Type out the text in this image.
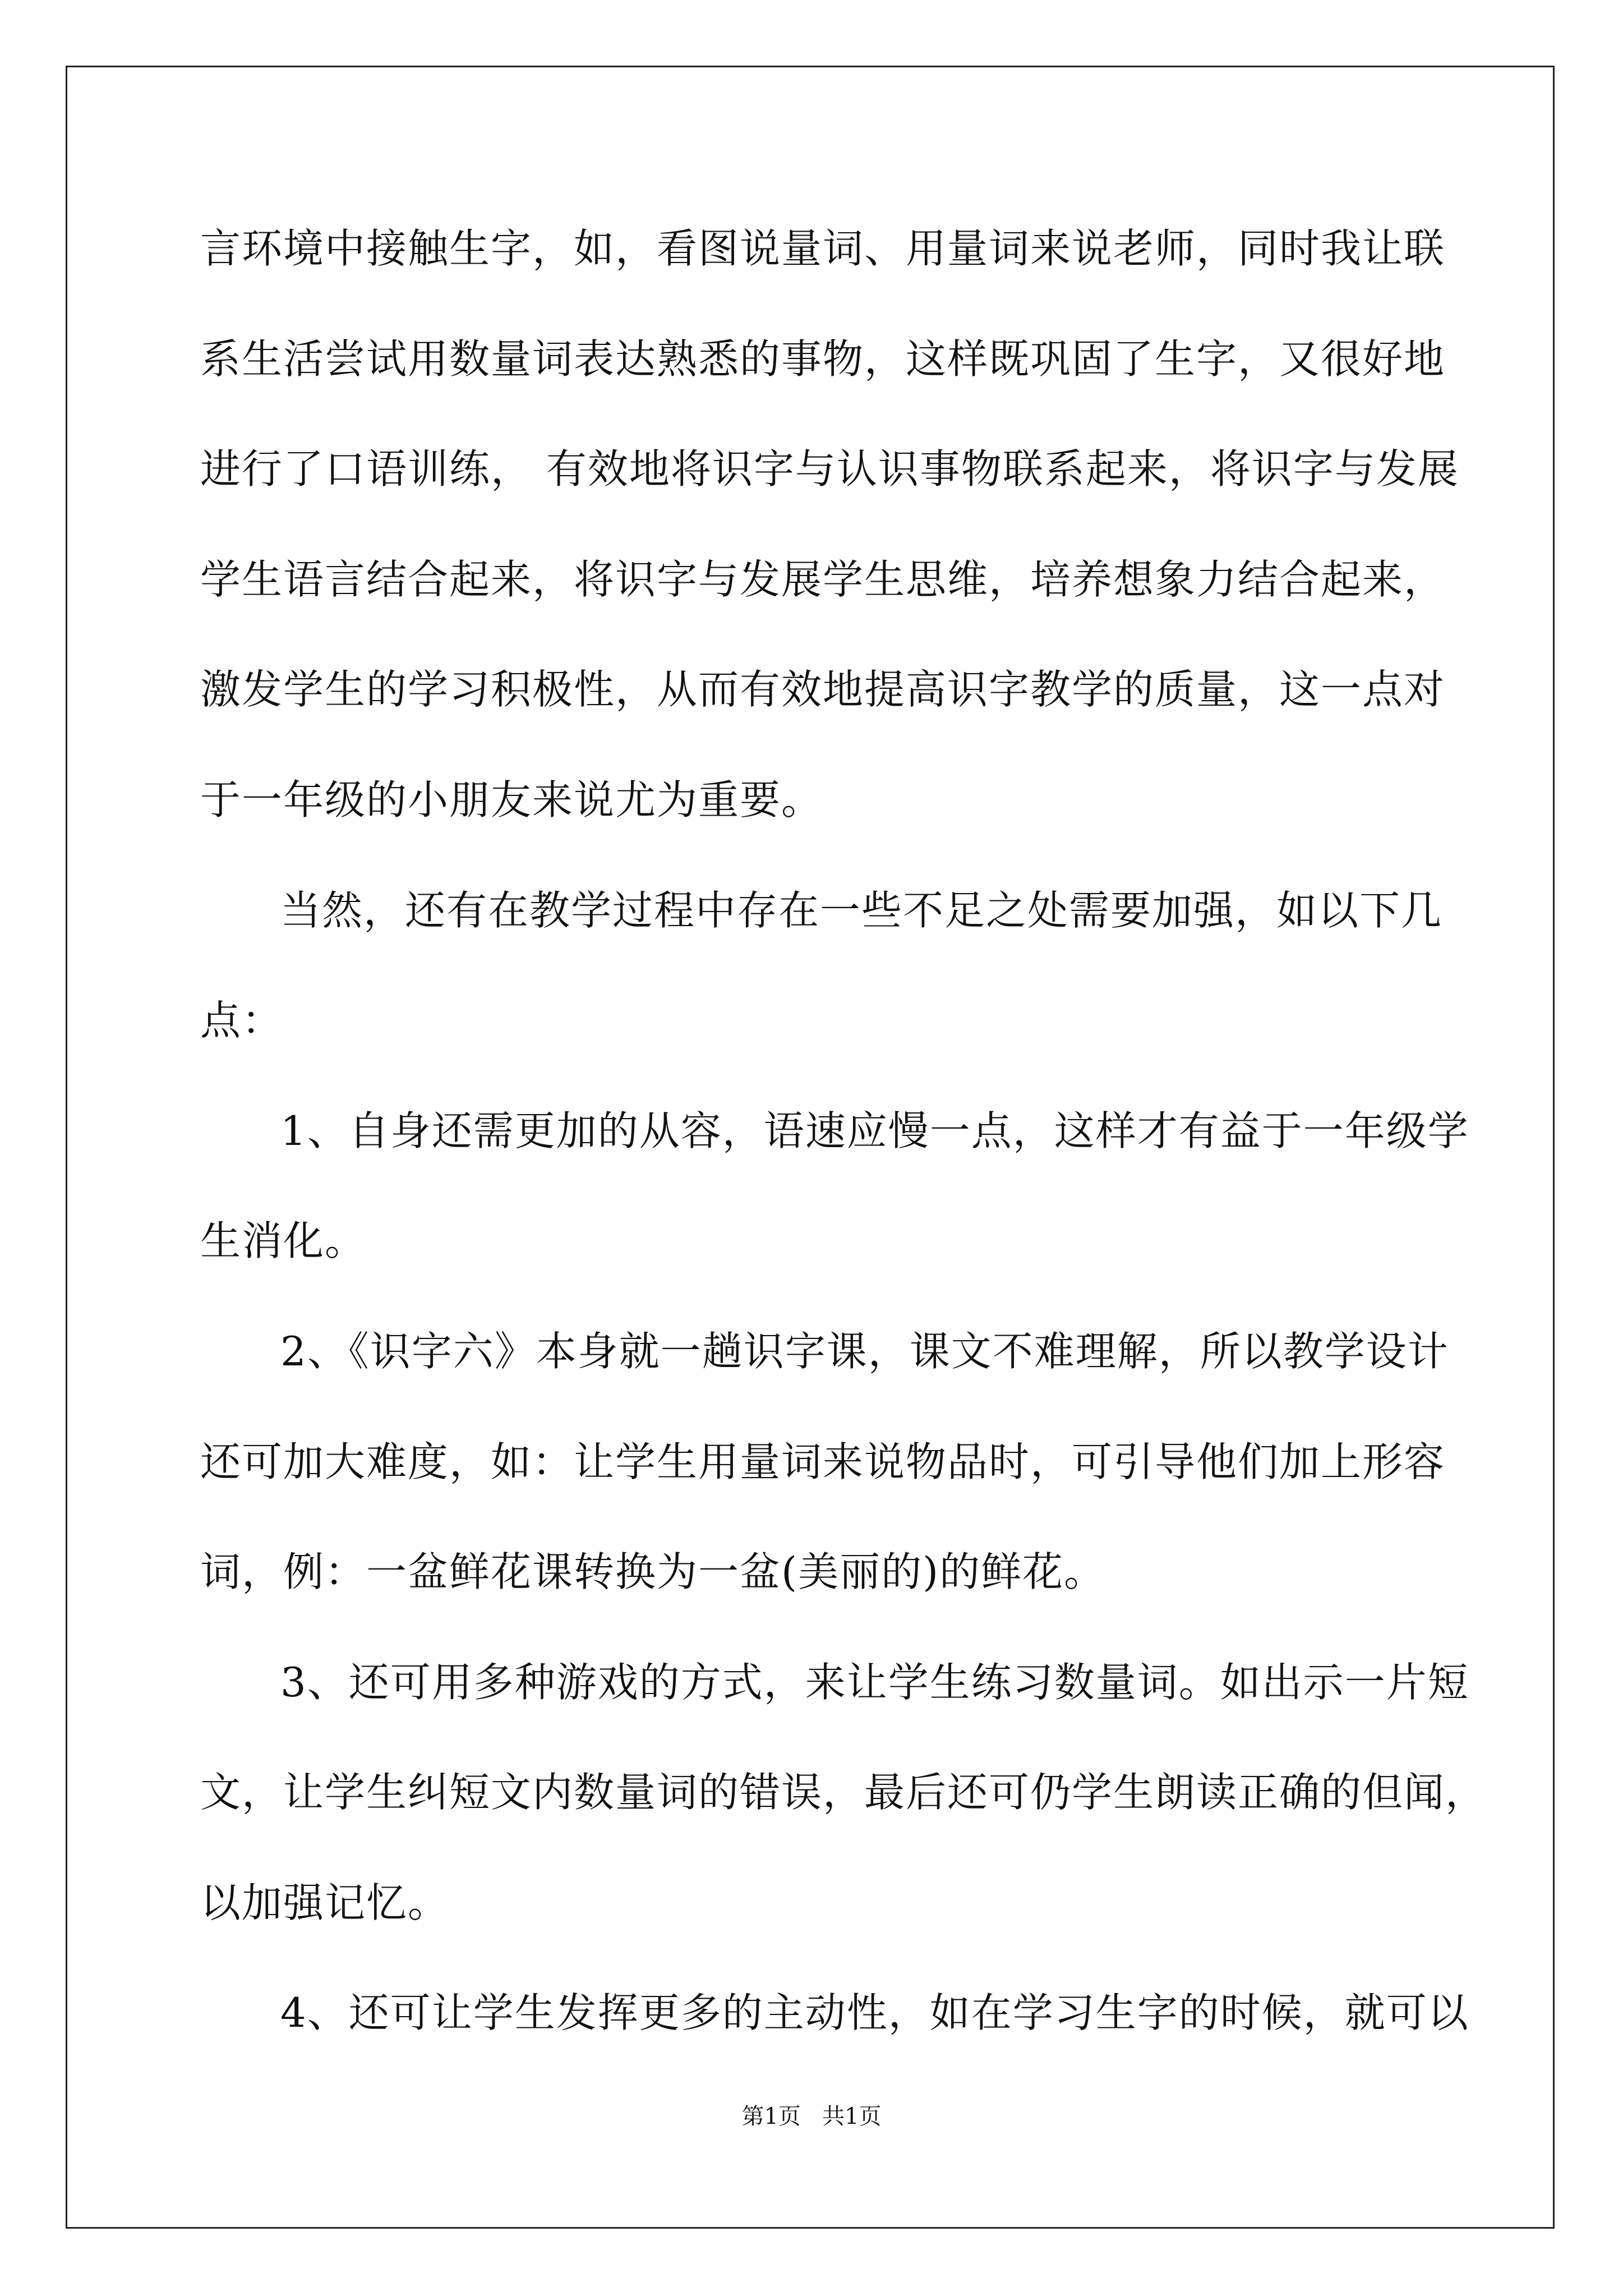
言环境中接触生字，如，看图说量词、用量词来说老师，同时我让联
系生活尝试用数量词表达熟悉的事物，这样既巩固了生字，又很好地
进行了口语训练， 有效地将识字与认识事物联系起来，将识字与发展
学生语言结合起来，将识字与发展学生思维，培养想象力结合起来，
激发学生的学习积极性，从而有效地提高识字教学的质量，这一点对
于一年级的小朋友来说尤为重要。
当然，还有在教学过程中存在一些不足之处需要加强，如以下几
点：
1、自身还需更加的从容，语速应慢一点，这样才有益于一年级学
生消化。
2、《识字六》本身就一趟识字课，课文不难理解，所以教学设计
还可加大难度，如：让学生用量词来说物品时，可引导他们加上形容
词，例：一盆鲜花课转换为一盆(美丽的)的鲜花。
3、还可用多种游戏的方式，来让学生练习数量词。如出示一片短
文，让学生纠短文内数量词的错误，最后还可仍学生朗读正确的但闻，
以加强记忆。
4、还可让学生发挥更多的主动性，如在学习生字的时候，就可以
第1页   共1页
